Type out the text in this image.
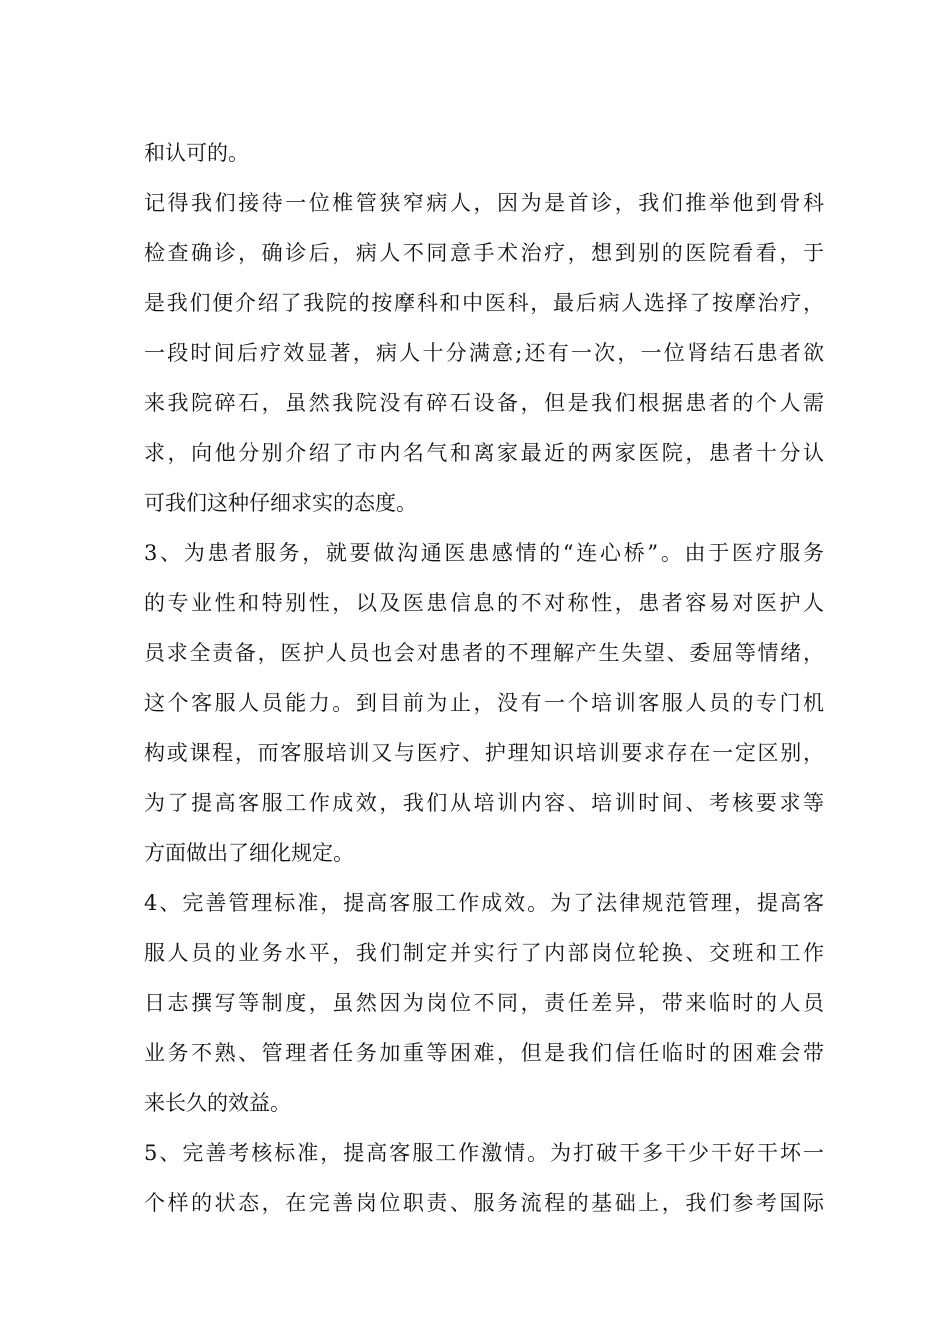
和认可的。
记得我们接待一位椎管狭窄病人，因为是首诊，我们推举他到骨科
检查确诊，确诊后，病人不同意手术治疗，想到别的医院看看，于
是我们便介绍了我院的按摩科和中医科，最后病人选择了按摩治疗，
一段时间后疗效显著，病人十分满意;还有一次，一位肾结石患者欲
来我院碎石，虽然我院没有碎石设备，但是我们根据患者的个人需
求，向他分别介绍了市内名气和离家最近的两家医院，患者十分认
可我们这种仔细求实的态度。
3、为患者服务，就要做沟通医患感情的“连心桥”。由于医疗服务
的专业性和特别性，以及医患信息的不对称性，患者容易对医护人
员求全责备，医护人员也会对患者的不理解产生失望、委屈等情绪，
这个客服人员能力。到目前为止，没有一个培训客服人员的专门机
构或课程，而客服培训又与医疗、护理知识培训要求存在一定区别，
为了提高客服工作成效，我们从培训内容、培训时间、考核要求等
方面做出了细化规定。
4、完善管理标准，提高客服工作成效。为了法律规范管理，提高客
服人员的业务水平，我们制定并实行了内部岗位轮换、交班和工作
日志撰写等制度，虽然因为岗位不同，责任差异，带来临时的人员
业务不熟、管理者任务加重等困难，但是我们信任临时的困难会带
来长久的效益。
5、完善考核标准，提高客服工作激情。为打破干多干少干好干坏一
个样的状态，在完善岗位职责、服务流程的基础上，我们参考国际
